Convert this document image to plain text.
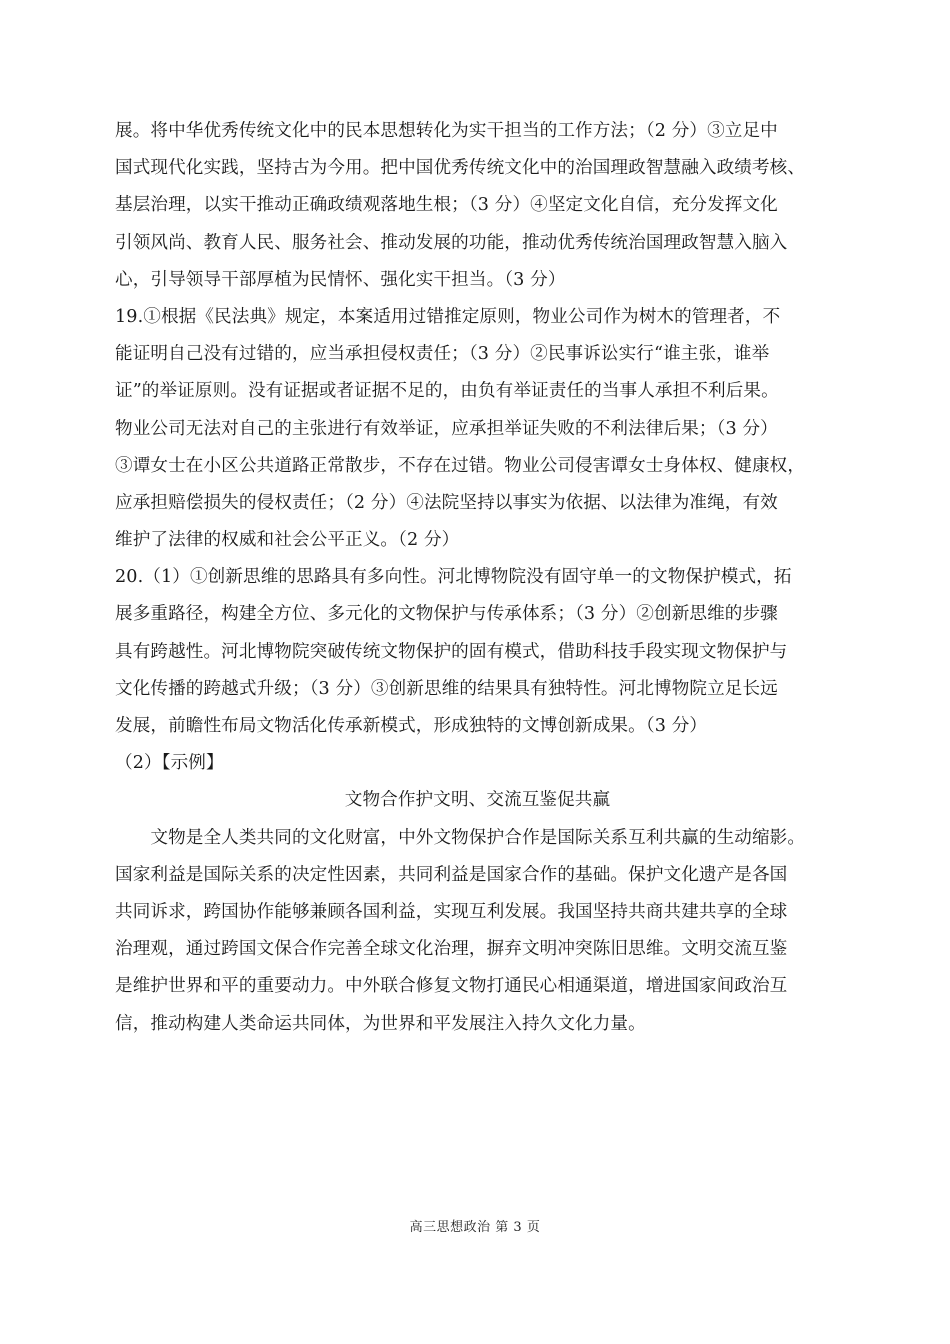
展。将中华优秀传统文化中的民本思想转化为实干担当的工作方法；（2 分）③立足中
国式现代化实践，坚持古为今用。把中国优秀传统文化中的治国理政智慧融入政绩考核、
基层治理，以实干推动正确政绩观落地生根；（3 分）④坚定文化自信，充分发挥文化
引领风尚、教育人民、服务社会、推动发展的功能，推动优秀传统治国理政智慧入脑入
心，引导领导干部厚植为民情怀、强化实干担当。（3 分）
19.①根据《民法典》规定，本案适用过错推定原则，物业公司作为树木的管理者，不
能证明自己没有过错的，应当承担侵权责任；（3 分）②民事诉讼实行“谁主张，谁举
证”的举证原则。没有证据或者证据不足的，由负有举证责任的当事人承担不利后果。
物业公司无法对自己的主张进行有效举证，应承担举证失败的不利法律后果；（3 分）
③谭女士在小区公共道路正常散步，不存在过错。物业公司侵害谭女士身体权、健康权，
应承担赔偿损失的侵权责任；（2 分）④法院坚持以事实为依据、以法律为准绳，有效
维护了法律的权威和社会公平正义。（2 分）
20.（1）①创新思维的思路具有多向性。河北博物院没有固守单一的文物保护模式，拓
展多重路径，构建全方位、多元化的文物保护与传承体系；（3 分）②创新思维的步骤
具有跨越性。河北博物院突破传统文物保护的固有模式，借助科技手段实现文物保护与
文化传播的跨越式升级；（3 分）③创新思维的结果具有独特性。河北博物院立足长远
发展，前瞻性布局文物活化传承新模式，形成独特的文博创新成果。（3 分）
（2）【示例】
文物合作护文明、交流互鉴促共赢
　　文物是全人类共同的文化财富，中外文物保护合作是国际关系互利共赢的生动缩影。
国家利益是国际关系的决定性因素，共同利益是国家合作的基础。保护文化遗产是各国
共同诉求，跨国协作能够兼顾各国利益，实现互利发展。我国坚持共商共建共享的全球
治理观，通过跨国文保合作完善全球文化治理，摒弃文明冲突陈旧思维。文明交流互鉴
是维护世界和平的重要动力。中外联合修复文物打通民心相通渠道，增进国家间政治互
信，推动构建人类命运共同体，为世界和平发展注入持久文化力量。
高三思想政治 第 3 页
